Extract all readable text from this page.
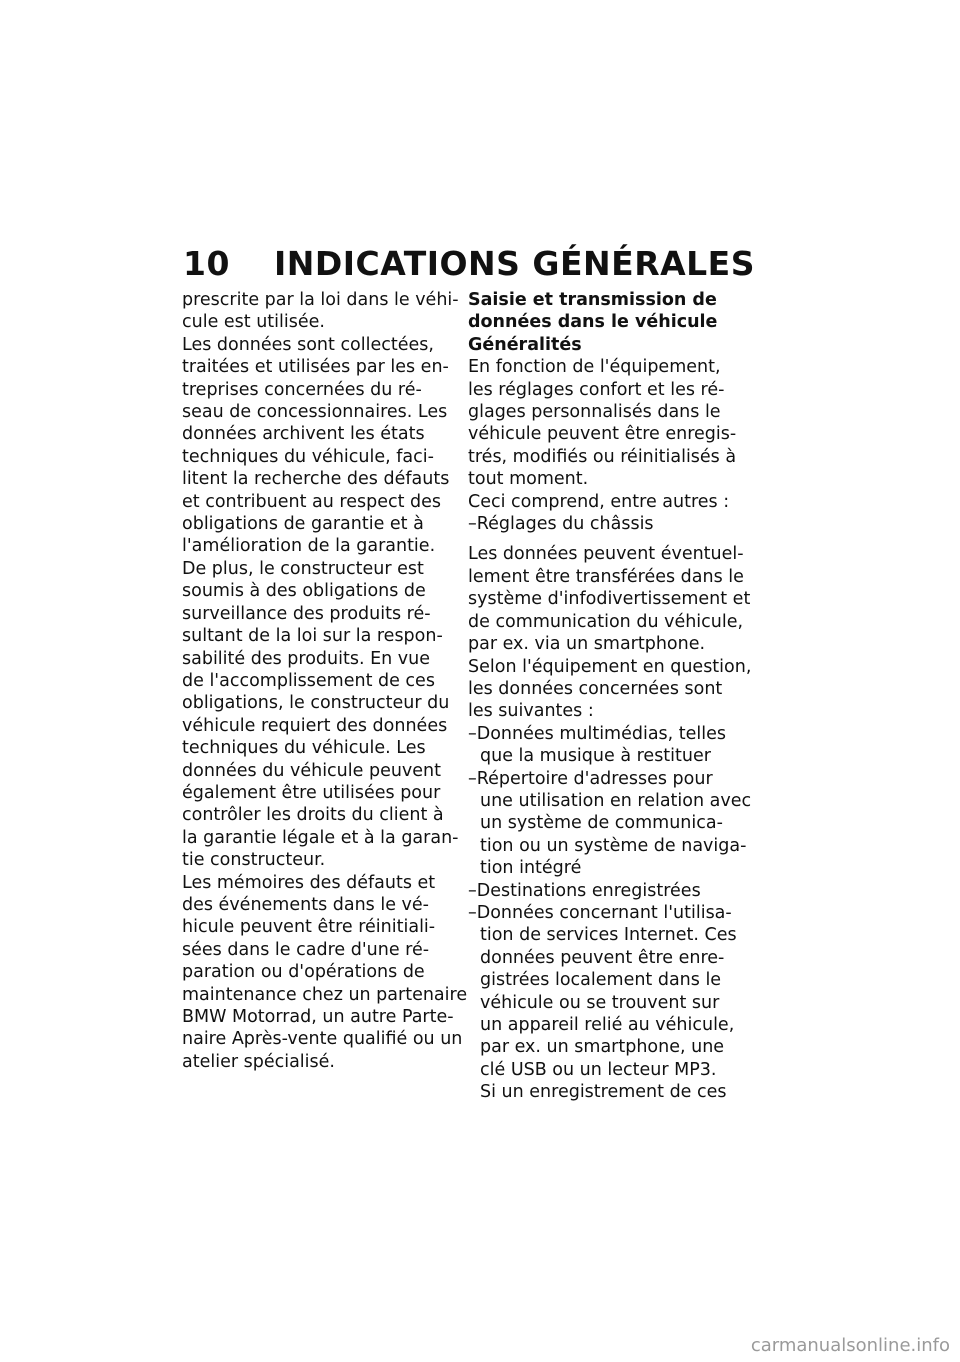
10 INDICATIONS GÉNÉRALES
prescrite par la loi dans le véhi-
cule est utilisée.
Les données sont collectées,
traitées et utilisées par les en-
treprises concernées du ré-
seau de concessionnaires. Les
données archivent les états
techniques du véhicule, faci-
litent la recherche des défauts
et contribuent au respect des
obligations de garantie et à
l'amélioration de la garantie.
De plus, le constructeur est
soumis à des obligations de
surveillance des produits ré-
sultant de la loi sur la respon-
sabilité des produits. En vue
de l'accomplissement de ces
obligations, le constructeur du
véhicule requiert des données
techniques du véhicule. Les
données du véhicule peuvent
également être utilisées pour
contrôler les droits du client à
la garantie légale et à la garan-
tie constructeur.
Les mémoires des défauts et
des événements dans le vé-
hicule peuvent être réinitiali-
sées dans le cadre d'une ré-
paration ou d'opérations de
maintenance chez un partenaire
BMW Motorrad, un autre Parte-
naire Après-vente qualifié ou un
atelier spécialisé.
Saisie et transmission de
données dans le véhicule
Généralités
En fonction de l'équipement,
les réglages confort et les ré-
glages personnalisés dans le
véhicule peuvent être enregis-
trés, modifiés ou réinitialisés à
tout moment.
Ceci comprend, entre autres :
–Réglages du châssis
Les données peuvent éventuel-
lement être transférées dans le
système d'infodivertissement et
de communication du véhicule,
par ex. via un smartphone.
Selon l'équipement en question,
les données concernées sont
les suivantes :
–Données multimédias, telles
que la musique à restituer
–Répertoire d'adresses pour
une utilisation en relation avec
un système de communica-
tion ou un système de naviga-
tion intégré
–Destinations enregistrées
–Données concernant l'utilisa-
tion de services Internet. Ces
données peuvent être enre-
gistrées localement dans le
véhicule ou se trouvent sur
un appareil relié au véhicule,
par ex. un smartphone, une
clé USB ou un lecteur MP3.
Si un enregistrement de ces
carmanualsonline.info
